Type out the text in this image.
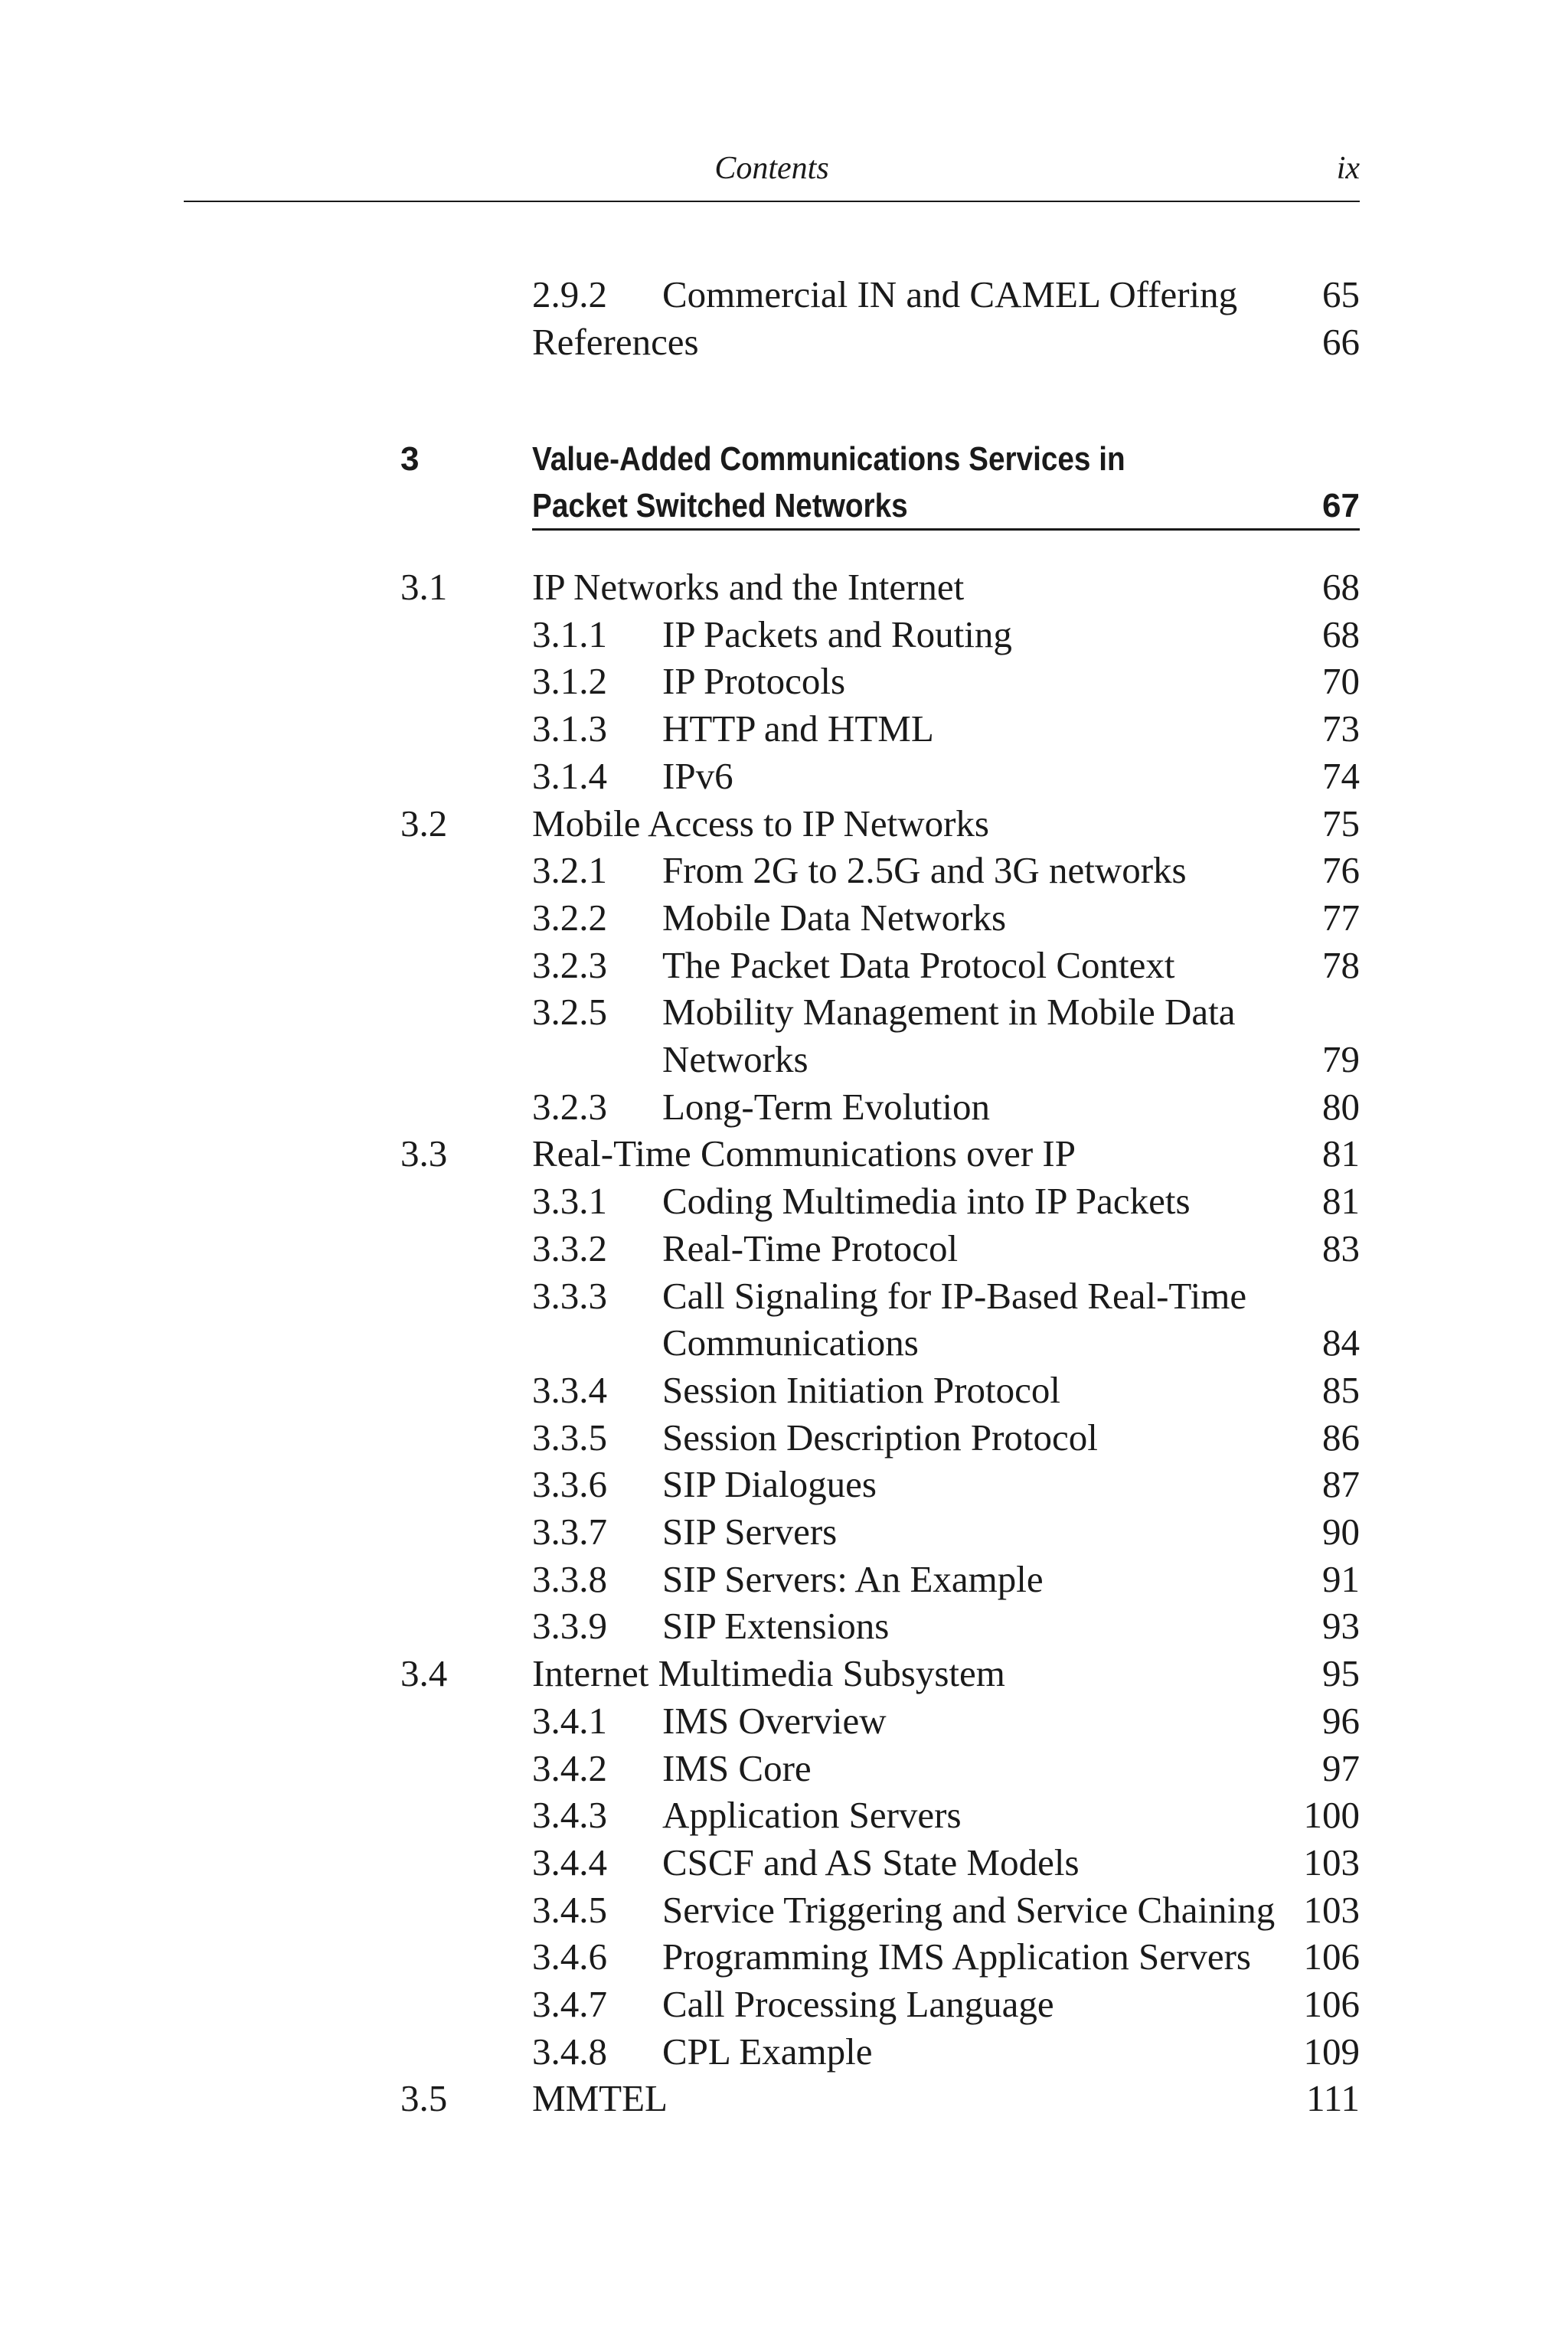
Contents	ix
2.9.2 Commercial IN and CAMEL Offering 65
References	66
3	Value-Added Communications Services in
Packet Switched Networks	67
3.1 IP Networks and the Internet	68
3.1.1 IP Packets and Routing	68
3.1.2 IP Protocols	70
3.1.3 HTTP and HTML	73
3.1.4 IPv6	74
3.2 Mobile Access to IP Networks	75
3.2.1 From 2G to 2.5G and 3G networks	76
3.2.2 Mobile Data Networks	77
3.2.3 The Packet Data Protocol Context	78
3.2.5 Mobility Management in Mobile Data
Networks	79
3.2.3 Long-Term Evolution	80
3.3 Real-Time Communications over IP	81
3.3.1 Coding Multimedia into IP Packets	81
3.3.2 Real-Time Protocol	83
3.3.3 Call Signaling for IP-Based Real-Time
Communications	84
3.3.4 Session Initiation Protocol	85
3.3.5 Session Description Protocol	86
3.3.6 SIP Dialogues	87
3.3.7 SIP Servers	90
3.3.8 SIP Servers: An Example	91
3.3.9 SIP Extensions	93
3.4 Internet Multimedia Subsystem	95
3.4.1 IMS Overview	96
3.4.2 IMS Core	97
3.4.3 Application Servers	100
3.4.4 CSCF and AS State Models	103
3.4.5 Service Triggering and Service Chaining 103
3.4.6 Programming IMS Application Servers 106
3.4.7 Call Processing Language	106
3.4.8 CPL Example	109
3.5 MMTEL	111
